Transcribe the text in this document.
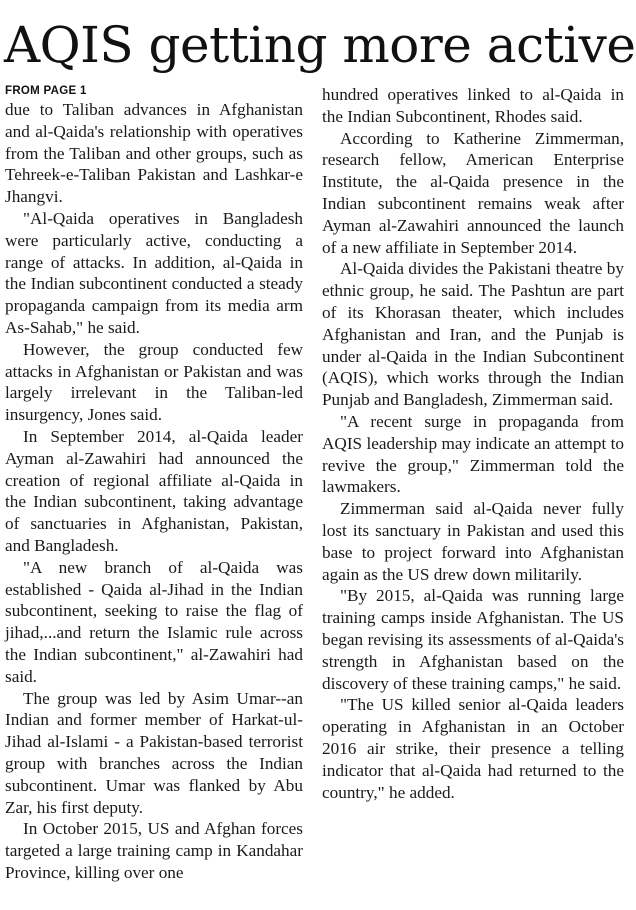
AQIS getting more active
FROM PAGE 1

due to Taliban advances in Afghanistan and al-Qaida's relationship with operatives from the Taliban and other groups, such as Tehreek-e-Taliban Pakistan and Lashkar-e Jhangvi.

"Al-Qaida operatives in Bangladesh were particularly active, conducting a range of attacks. In addition, al-Qaida in the Indian subcontinent conducted a steady propaganda campaign from its media arm As-Sahab," he said.

However, the group conducted few attacks in Afghanistan or Pakistan and was largely irrelevant in the Taliban-led insurgency, Jones said.

In September 2014, al-Qaida leader Ayman al-Zawahiri had announced the creation of regional affiliate al-Qaida in the Indian subcontinent, taking advantage of sanctuaries in Afghanistan, Pakistan, and Bangladesh.

"A new branch of al-Qaida was established - Qaida al-Jihad in the Indian subcontinent, seeking to raise the flag of jihad,...and return the Islamic rule across the Indian subcontinent," al-Zawahiri had said.

The group was led by Asim Umar--an Indian and former member of Harkat-ul-Jihad al-Islami - a Pakistan-based terrorist group with branches across the Indian subcontinent. Umar was flanked by Abu Zar, his first deputy.

In October 2015, US and Afghan forces targeted a large training camp in Kandahar Province, killing over one

hundred operatives linked to al-Qaida in the Indian Subcontinent, Rhodes said.

According to Katherine Zimmerman, research fellow, American Enterprise Institute, the al-Qaida presence in the Indian subcontinent remains weak after Ayman al-Zawahiri announced the launch of a new affiliate in September 2014.

Al-Qaida divides the Pakistani theatre by ethnic group, he said. The Pashtun are part of its Khorasan theater, which includes Afghanistan and Iran, and the Punjab is under al-Qaida in the Indian Subcontinent (AQIS), which works through the Indian Punjab and Bangladesh, Zimmerman said.

"A recent surge in propaganda from AQIS leadership may indicate an attempt to revive the group," Zimmerman told the lawmakers.

Zimmerman said al-Qaida never fully lost its sanctuary in Pakistan and used this base to project forward into Afghanistan again as the US drew down militarily.

"By 2015, al-Qaida was running large training camps inside Afghanistan. The US began revising its assessments of al-Qaida's strength in Afghanistan based on the discovery of these training camps," he said.

"The US killed senior al-Qaida leaders operating in Afghanistan in an October 2016 air strike, their presence a telling indicator that al-Qaida had returned to the country," he added.
